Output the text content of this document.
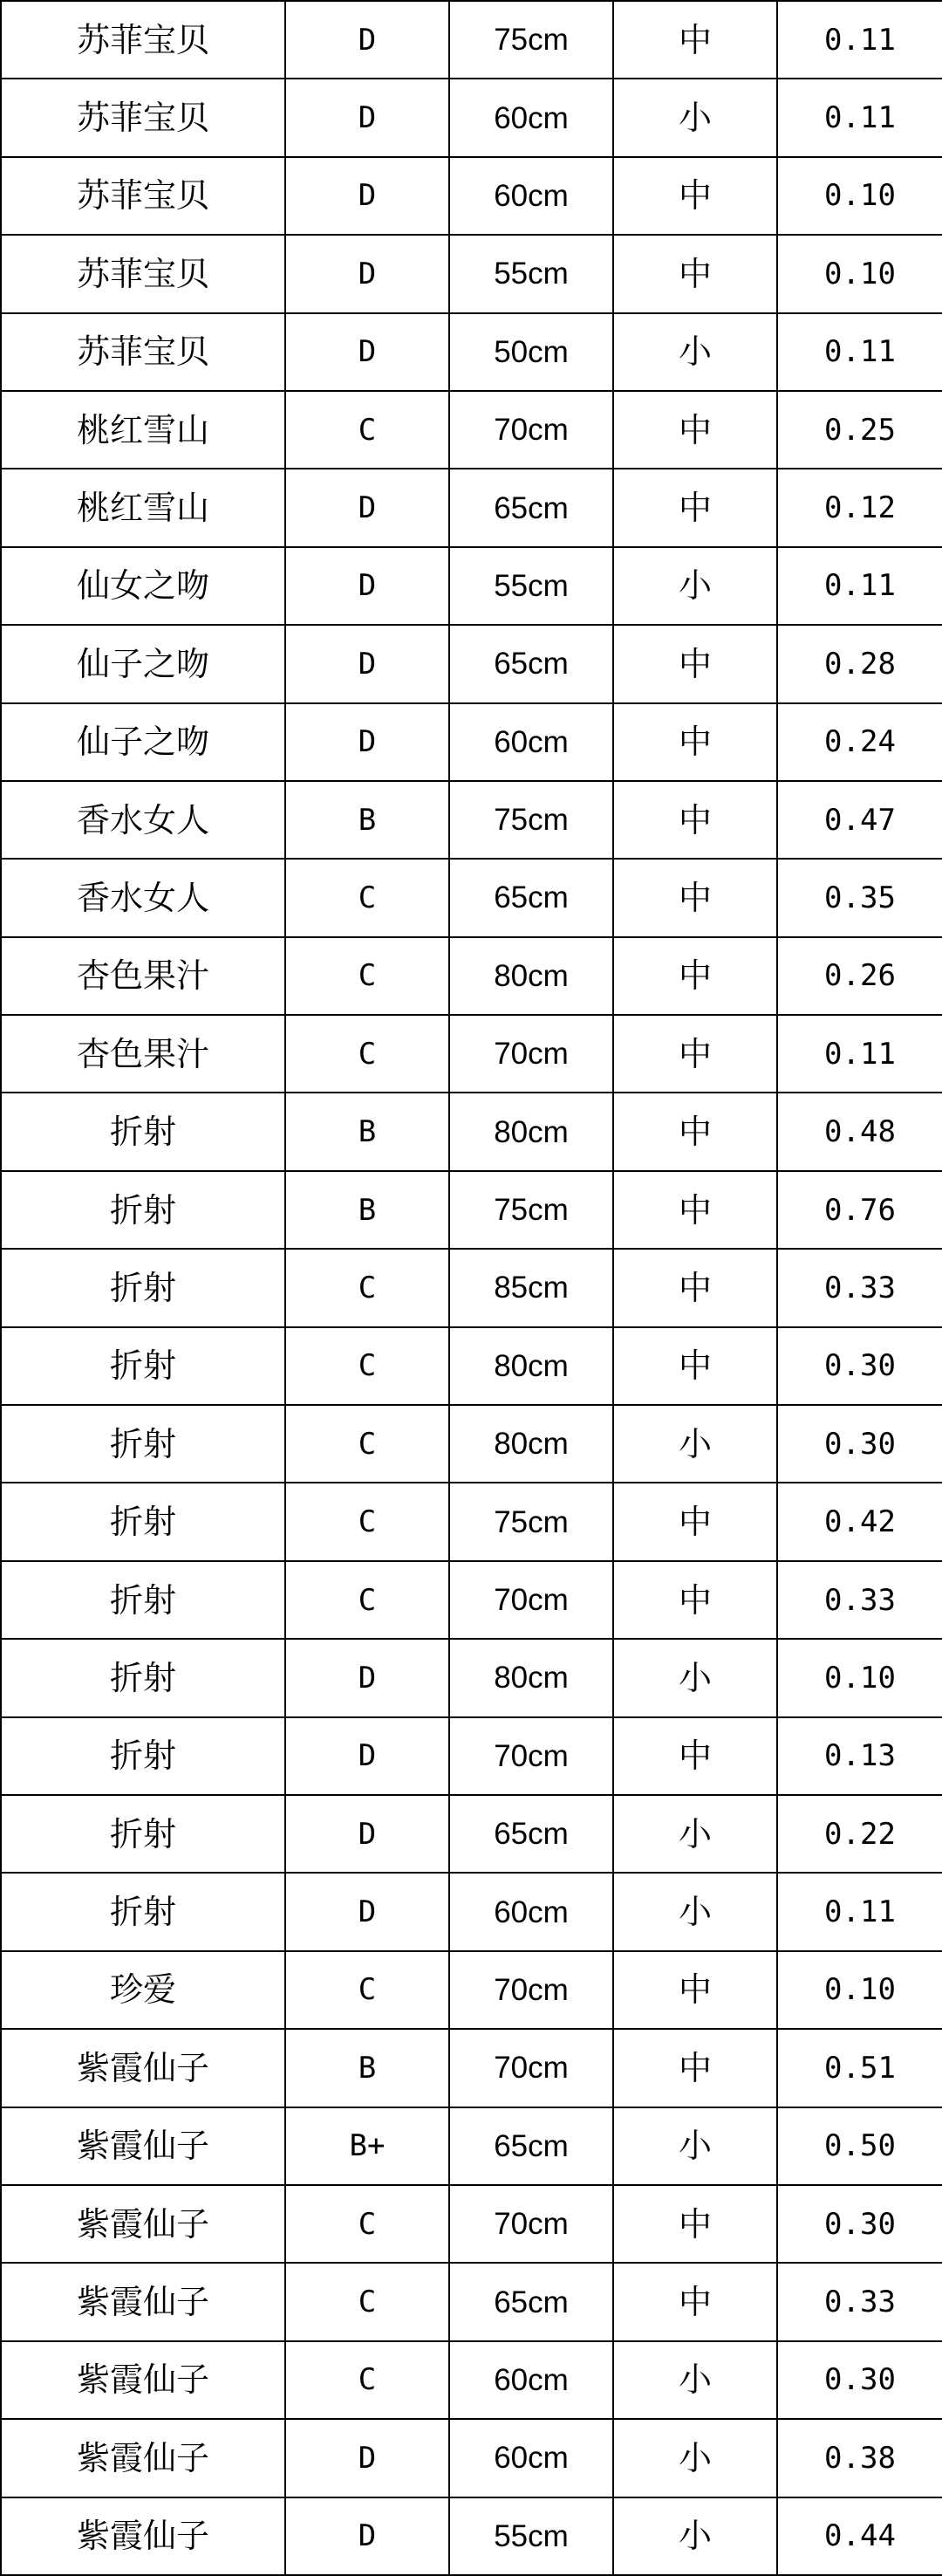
苏菲宝贝	D	75cm	中	0.11
苏菲宝贝	D	60cm	小	0.11
苏菲宝贝	D	60cm	中	0.10
苏菲宝贝	D	55cm	中	0.10
苏菲宝贝	D	50cm	小	0.11
桃红雪山	C	70cm	中	0.25
桃红雪山	D	65cm	中	0.12
仙女之吻	D	55cm	小	0.11
仙子之吻	D	65cm	中	0.28
仙子之吻	D	60cm	中	0.24
香水女人	B	75cm	中	0.47
香水女人	C	65cm	中	0.35
杏色果汁	C	80cm	中	0.26
杏色果汁	C	70cm	中	0.11
折射	B	80cm	中	0.48
折射	B	75cm	中	0.76
折射	C	85cm	中	0.33
折射	C	80cm	中	0.30
折射	C	80cm	小	0.30
折射	C	75cm	中	0.42
折射	C	70cm	中	0.33
折射	D	80cm	小	0.10
折射	D	70cm	中	0.13
折射	D	65cm	小	0.22
折射	D	60cm	小	0.11
珍爱	C	70cm	中	0.10
紫霞仙子	B	70cm	中	0.51
紫霞仙子	B+	65cm	小	0.50
紫霞仙子	C	70cm	中	0.30
紫霞仙子	C	65cm	中	0.33
紫霞仙子	C	60cm	小	0.30
紫霞仙子	D	60cm	小	0.38
紫霞仙子	D	55cm	小	0.44
